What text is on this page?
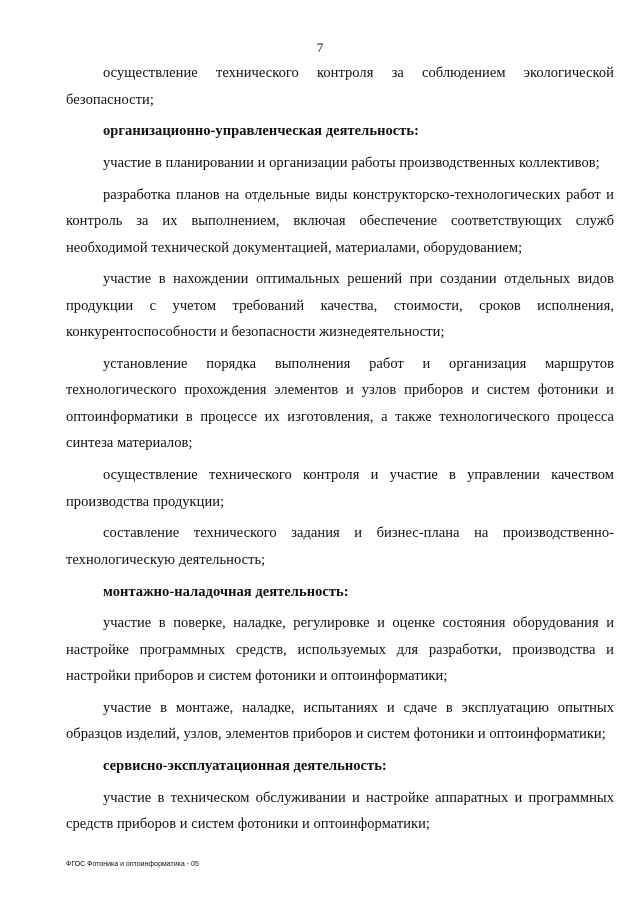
7

осуществление технического контроля за соблюдением экологической безопасности;

организационно-управленческая деятельность:

участие в планировании и организации работы производственных коллективов;

разработка планов на отдельные виды конструкторско-технологических работ и контроль за их выполнением, включая обеспечение соответствующих служб необходимой технической документацией, материалами, оборудованием;

участие в нахождении оптимальных решений при создании отдельных видов продукции с учетом требований качества, стоимости, сроков исполнения, конкурентоспособности и безопасности жизнедеятельности;

установление порядка выполнения работ и организация маршрутов технологического прохождения элементов и узлов приборов и систем фотоники и оптоинформатики в процессе их изготовления, а также технологического процесса синтеза материалов;

осуществление технического контроля и участие в управлении качеством производства продукции;

составление технического задания и бизнес-плана на производственно-технологическую деятельность;

монтажно-наладочная деятельность:

участие в поверке, наладке, регулировке и оценке состояния оборудования и настройке программных средств, используемых для разработки, производства и настройки приборов и систем фотоники и оптоинформатики;

участие в монтаже, наладке, испытаниях и сдаче в эксплуатацию опытных образцов изделий, узлов, элементов приборов и систем фотоники и оптоинформатики;

сервисно-эксплуатационная деятельность:

участие в техническом обслуживании и настройке аппаратных и программных средств приборов и систем фотоники и оптоинформатики;

ФГОС Фотоника и оптоинформатика - 05
